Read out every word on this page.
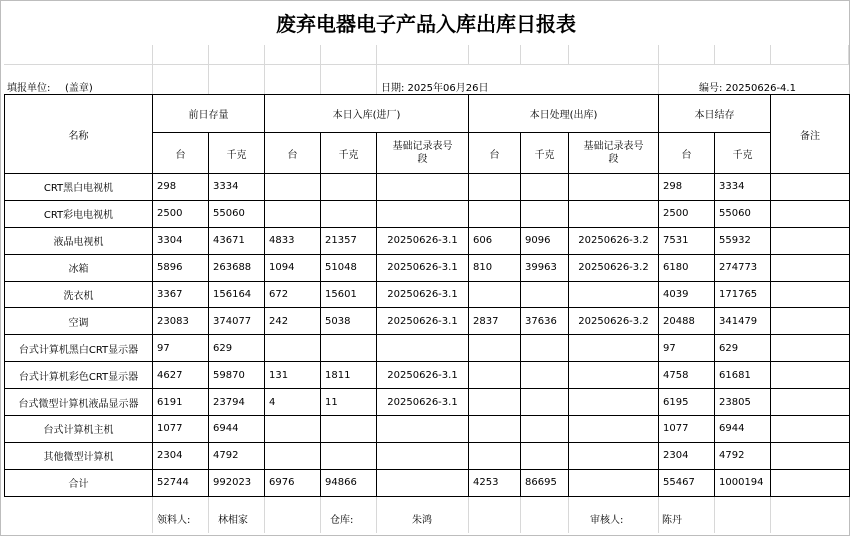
废弃电器电子产品入库出库日报表
填报单位: (盖章)	日期: 2025年06月26日	编号: 20250626-4.1
名称	前日存量		本日入库(进厂)			本日处理(出库)			本日结存		备注
	台	千克	台	千克	基础记录表号段	台	千克	基础记录表号段	台	千克	
CRT黑白电视机	298	3334							298	3334	
CRT彩电电视机	2500	55060							2500	55060	
液晶电视机	3304	43671	4833	21357	20250626-3.1	606	9096	20250626-3.2	7531	55932	
冰箱	5896	263688	1094	51048	20250626-3.1	810	39963	20250626-3.2	6180	274773	
洗衣机	3367	156164	672	15601	20250626-3.1				4039	171765	
空调	23083	374077	242	5038	20250626-3.1	2837	37636	20250626-3.2	20488	341479	
台式计算机黑白CRT显示器	97	629							97	629	
台式计算机彩色CRT显示器	4627	59870	131	1811	20250626-3.1				4758	61681	
台式微型计算机液晶显示器	6191	23794	4	11	20250626-3.1				6195	23805	
台式计算机主机	1077	6944							1077	6944	
其他微型计算机	2304	4792							2304	4792	
合计	52744	992023	6976	94866		4253	86695		55467	1000194	
领料人:	林相家	仓库:	朱鸿	审核人:	陈丹
